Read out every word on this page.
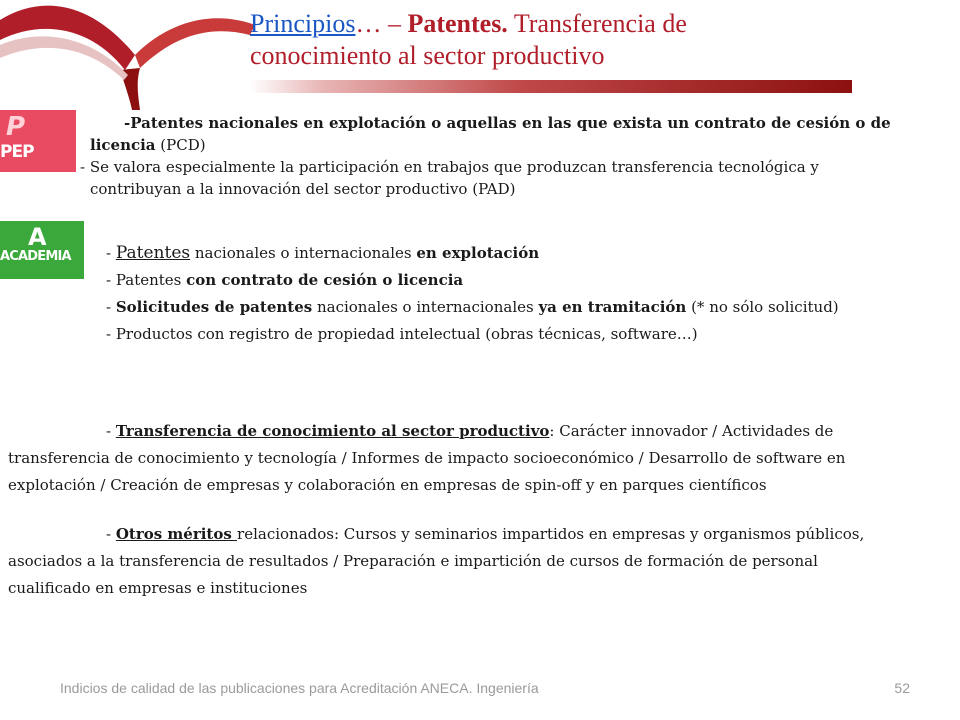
Principios… – Patentes. Transferencia de
conocimiento al sector productivo
P
PEP
-Patentes nacionales en explotación o aquellas en las que exista un contrato de cesión o de
licencia (PCD)
- Se valora especialmente la participación en trabajos que produzcan transferencia tecnológica y
contribuyan a la innovación del sector productivo (PAD)
A
ACADEMIA - Patentes nacionales o internacionales en explotación
- Patentes con contrato de cesión o licencia
- Solicitudes de patentes nacionales o internacionales ya en tramitación (* no sólo solicitud)
- Productos con registro de propiedad intelectual (obras técnicas, software…)
- Transferencia de conocimiento al sector productivo: Carácter innovador / Actividades de
transferencia de conocimiento y tecnología / Informes de impacto socioeconómico / Desarrollo de software en
explotación / Creación de empresas y colaboración en empresas de spin-off y en parques científicos
- Otros méritos relacionados: Cursos y seminarios impartidos en empresas y organismos públicos,
asociados a la transferencia de resultados / Preparación e impartición de cursos de formación de personal
cualificado en empresas e instituciones
Indicios de calidad de las publicaciones para Acreditación ANECA. Ingeniería	52
